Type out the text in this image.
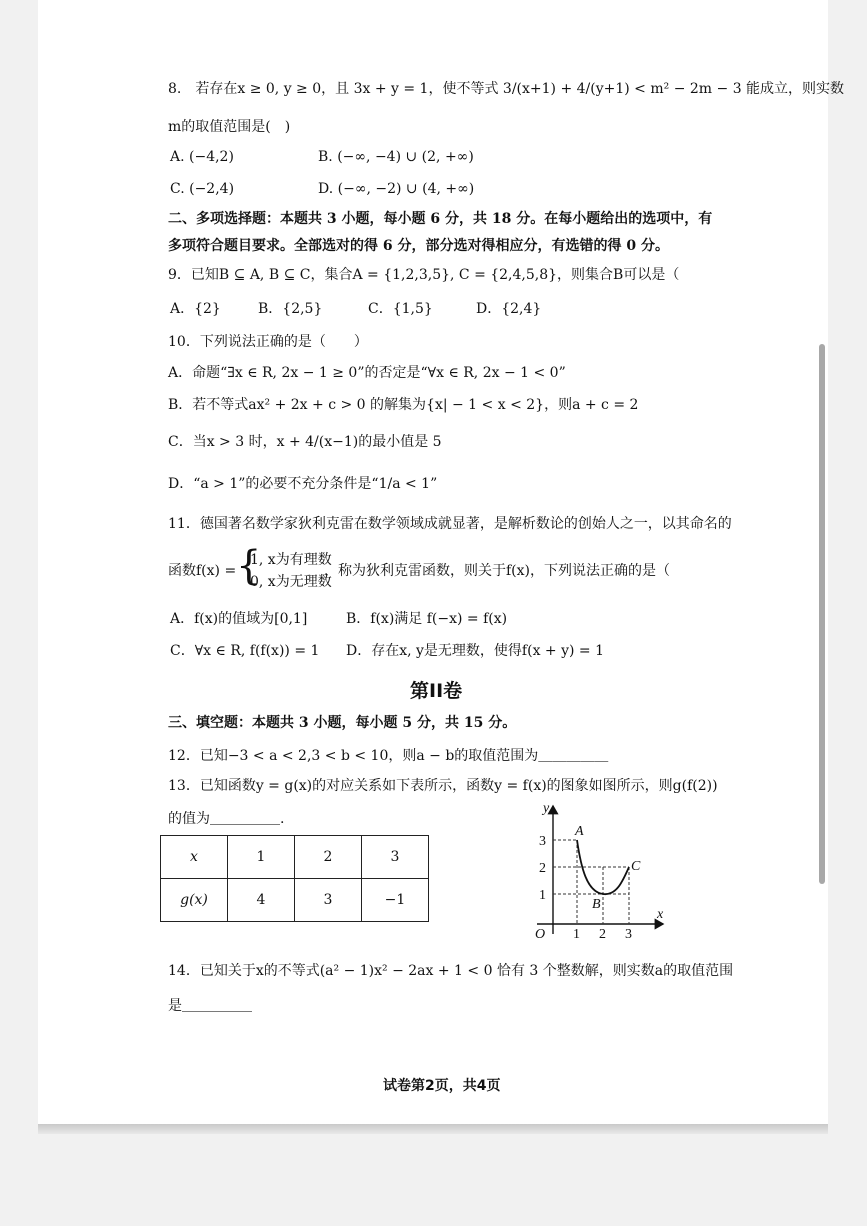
8.　若存在x ≥ 0, y ≥ 0，且 3x + y = 1，使不等式 3/(x+1) + 4/(y+1) < m² − 2m − 3 能成立，则实数
m的取值范围是(　)
A. (−4,2)	B. (−∞, −4) ∪ (2, +∞)
C. (−2,4)	D. (−∞, −2) ∪ (4, +∞)
二、多项选择题：本题共 3 小题，每小题 6 分，共 18 分。在每小题给出的选项中，有
多项符合题目要求。全部选对的得 6 分，部分选对得相应分，有选错的得 0 分。
9．已知B ⊆ A, B ⊆ C，集合A = {1,2,3,5}, C = {2,4,5,8}，则集合B可以是（
A．{2}	B．{2,5}	C．{1,5}	D．{2,4}
10．下列说法正确的是（　　）
A．命题“∃x ∈ R, 2x − 1 ≥ 0”的否定是“∀x ∈ R, 2x − 1 < 0”
B．若不等式ax² + 2x + c > 0 的解集为{x| − 1 < x < 2}，则a + c = 2
C．当x > 3 时，x + 4/(x−1)的最小值是 5
D．“a > 1”的必要不充分条件是“1/a < 1”
11．德国著名数学家狄利克雷在数学领域成就显著，是解析数论的创始人之一，以其命名的
函数f(x) = {
1, x为有理数
0, x为无理数
，称为狄利克雷函数，则关于f(x)，下列说法正确的是（
A．f(x)的值域为[0,1]	B．f(x)满足 f(−x) = f(x)
C．∀x ∈ R, f(f(x)) = 1 D．存在x, y是无理数，使得f(x + y) = 1
第II卷
三、填空题：本题共 3 小题，每小题 5 分，共 15 分。
12．已知−3 < a < 2,3 < b < 10，则a − b的取值范围为＿＿＿＿＿
13．已知函数y = g(x)的对应关系如下表所示，函数y = f(x)的图象如图所示，则g(f(2))
的值为＿＿＿＿＿.
x	1	2	3
g(x)	4	3	−1
y
x
O 1 2 3
1
2
3
A
B
C
14．已知关于x的不等式(a² − 1)x² − 2ax + 1 < 0 恰有 3 个整数解，则实数a的取值范围
是＿＿＿＿＿
试卷第2页，共4页
